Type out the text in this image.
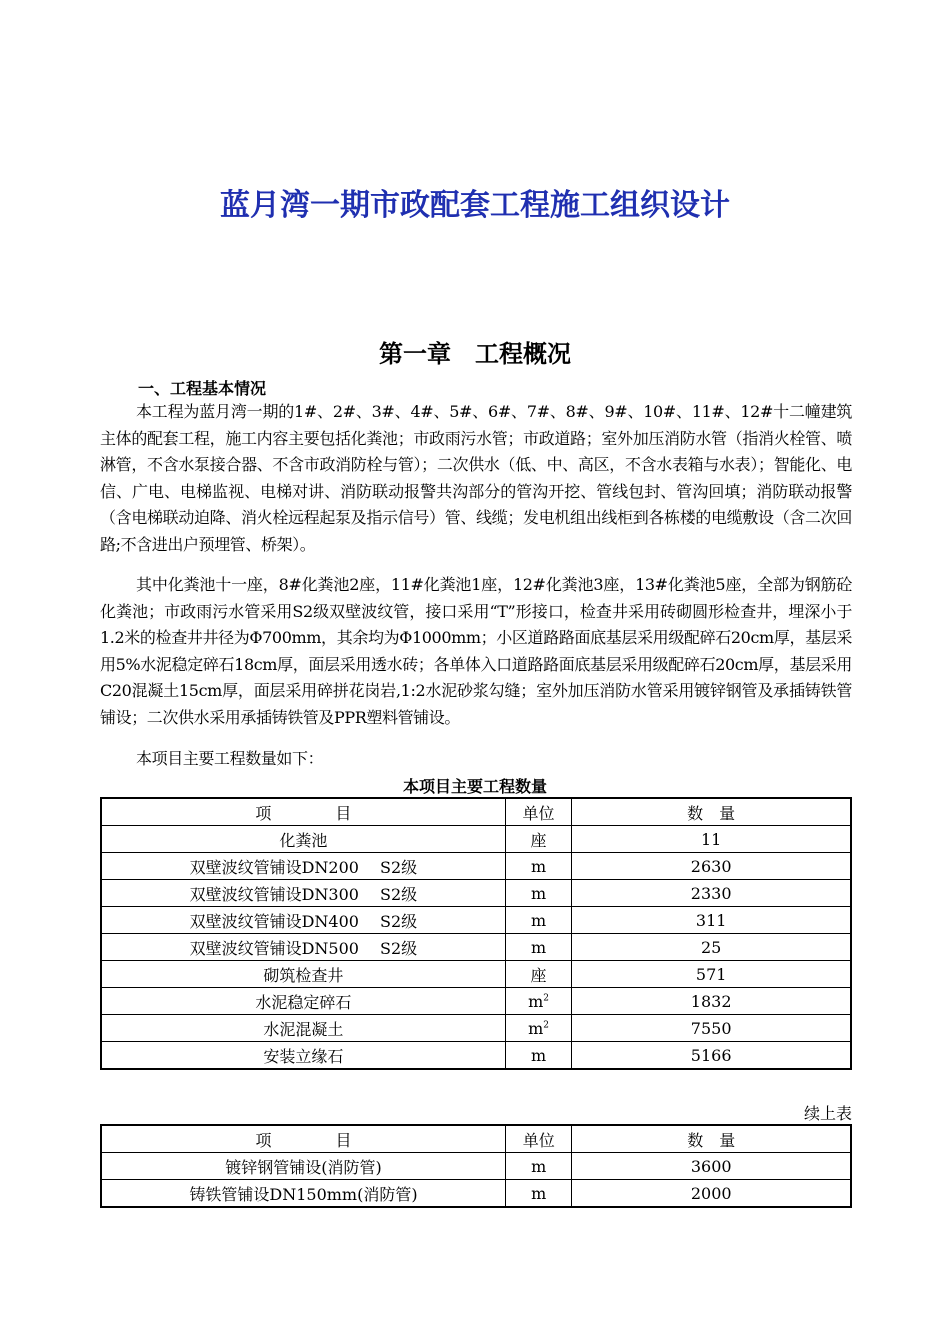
蓝月湾一期市政配套工程施工组织设计
第一章　工程概况
一、工程基本情况
本工程为蓝月湾一期的1#、2#、3#、4#、5#、6#、7#、8#、9#、10#、11#、12#十二幢建筑主体的配套工程，施工内容主要包括化粪池；市政雨污水管；市政道路；室外加压消防水管（指消火栓管、喷淋管，不含水泵接合器、不含市政消防栓与管）；二次供水（低、中、高区，不含水表箱与水表）；智能化、电信、广电、电梯监视、电梯对讲、消防联动报警共沟部分的管沟开挖、管线包封、管沟回填；消防联动报警（含电梯联动迫降、消火栓远程起泵及指示信号）管、线缆；发电机组出线柜到各栋楼的电缆敷设（含二次回路;不含进出户预埋管、桥架）。
其中化粪池十一座，8#化粪池2座，11#化粪池1座，12#化粪池3座，13#化粪池5座，全部为钢筋砼化粪池；市政雨污水管采用S2级双壁波纹管，接口采用“T”形接口，检查井采用砖砌圆形检查井，埋深小于1.2米的检查井井径为Φ700mm，其余均为Φ1000mm；小区道路路面底基层采用级配碎石20cm厚，基层采用5%水泥稳定碎石18cm厚，面层采用透水砖；各单体入口道路路面底基层采用级配碎石20cm厚，基层采用C20混凝土15cm厚，面层采用碎拼花岗岩,1:2水泥砂浆勾缝；室外加压消防水管采用镀锌钢管及承插铸铁管铺设；二次供水采用承插铸铁管及PPR塑料管铺设。
本项目主要工程数量如下：
本项目主要工程数量
项　　　　目	单位	数　量
化粪池	座	11
双壁波纹管铺设DN200　 S2级	m	2630
双壁波纹管铺设DN300　 S2级	m	2330
双壁波纹管铺设DN400　 S2级	m	311
双壁波纹管铺设DN500　 S2级	m	25
砌筑检查井	座	571
水泥稳定碎石	$m^2$	1832
水泥混凝土	$m^2$	7550
安装立缘石	m	5166
续上表
项　　　　目	单位	数　量
镀锌钢管铺设(消防管)	m	3600
铸铁管铺设DN150mm(消防管)	m	2000
